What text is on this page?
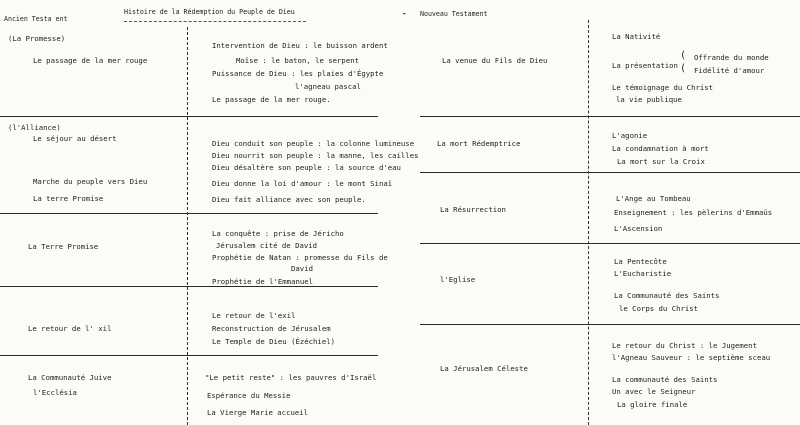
Ancien Testa ent
Histoire de la Rédemption du Peuple de Dieu	⁃ Nouveau Testament
(La Promesse)
Le passage de la mer rouge
Intervention de Dieu : le buisson ardent
Moïse : le baton, le serpent
Puissance de Dieu : les plaies d'Égypte
l'agneau pascal
Le passage de la mer rouge.
(l'Alliance)
Le séjour au désert
Marche du peuple vers Dieu
La terre Promise
Dieu conduit son peuple : la colonne lumineuse
Dieu nourrit son peuple : la manne, les cailles
Dieu désaltère son peuple : la source d'eau
Dieu donne la loi d'amour : le mont Sinaï
Dieu fait alliance avec son peuple.
La Terre Promise
La conquête : prise de Jéricho
Jérusalem cité de David
Prophétie de Natan : promesse du Fils de
David
Prophétie de l'Emmanuel
Le retour de l' xil
Le retour de l'exil
Reconstruction de Jérusalem
Le Temple de Dieu (Ézéchiel)
La Communauté Juive
l'Ecclésia
"Le petit reste" : les pauvres d'Israël
Espérance du Messie
La Vierge Marie accueil
La venue du Fils de Dieu
La Nativité
La présentation
Le témoignage du Christ
la vie publique
(
(
Offrande du monde
Fidélité d'amour
La mort Rédemptrice
L'agonie
La condamnation à mort
La mort sur la Croix
La Résurrection
L'Ange au Tombeau
Enseignement : les pèlerins d'Emmaüs
L'Ascension
l'Eglise
La Pentecôte
L'Eucharistie
La Communauté des Saints
le Corps du Christ
La Jérusalem Céleste
Le retour du Christ : le Jugement
l'Agneau Sauveur : le septième sceau
La communauté des Saints
Un avec le Seigneur
La gloire finale
